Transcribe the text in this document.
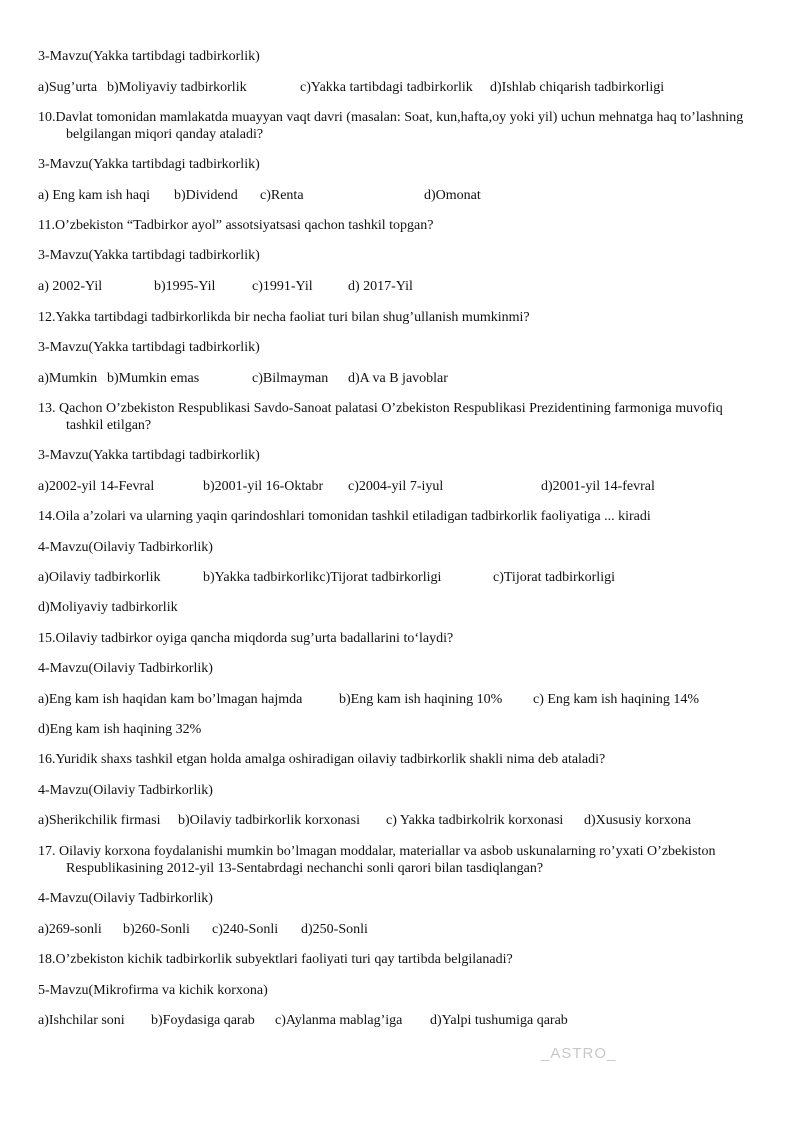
3-Mavzu(Yakka tartibdagi tadbirkorlik)
a)Sug’urta b)Moliyaviy tadbirkorlik	c)Yakka tartibdagi tadbirkorlik d)Ishlab chiqarish tadbirkorligi
10.Davlat tomonidan mamlakatda muayyan vaqt davri (masalan: Soat, kun,hafta,oy yoki yil) uchun mehnatga haq to’lashning
belgilangan miqori qanday ataladi?
3-Mavzu(Yakka tartibdagi tadbirkorlik)
a) Eng kam ish haqi b)Dividend c)Renta	d)Omonat
11.O’zbekiston “Tadbirkor ayol” assotsiyatsasi qachon tashkil topgan?
3-Mavzu(Yakka tartibdagi tadbirkorlik)
a) 2002-Yil	b)1995-Yil	c)1991-Yil	d) 2017-Yil
12.Yakka tartibdagi tadbirkorlikda bir necha faoliat turi bilan shug’ullanish mumkinmi?
3-Mavzu(Yakka tartibdagi tadbirkorlik)
a)Mumkin b)Mumkin emas	c)Bilmayman d)A va B javoblar
13. Qachon O’zbekiston Respublikasi Savdo-Sanoat palatasi O’zbekiston Respublikasi Prezidentining farmoniga muvofiq
tashkil etilgan?
3-Mavzu(Yakka tartibdagi tadbirkorlik)
a)2002-yil 14-Fevral	b)2001-yil 16-Oktabr c)2004-yil 7-iyul	d)2001-yil 14-fevral
14.Oila a’zolari va ularning yaqin qarindoshlari tomonidan tashkil etiladigan tadbirkorlik faoliyatiga ... kiradi
4-Mavzu(Oilaviy Tadbirkorlik)
a)Oilaviy tadbirkorlik	b)Yakka tadbirkorlikc)Tijorat tadbirkorligi	c)Tijorat tadbirkorligi
d)Moliyaviy tadbirkorlik
15.Oilaviy tadbirkor oyiga qancha miqdorda sug’urta badallarini to‘laydi?
4-Mavzu(Oilaviy Tadbirkorlik)
a)Eng kam ish haqidan kam bo’lmagan hajmda	b)Eng kam ish haqining 10% c) Eng kam ish haqining 14%
d)Eng kam ish haqining 32%
16.Yuridik shaxs tashkil etgan holda amalga oshiradigan oilaviy tadbirkorlik shakli nima deb ataladi?
4-Mavzu(Oilaviy Tadbirkorlik)
a)Sherikchilik firmasi b)Oilaviy tadbirkorlik korxonasi c) Yakka tadbirkolrik korxonasi d)Xususiy korxona
17. Oilaviy korxona foydalanishi mumkin bo’lmagan moddalar, materiallar va asbob uskunalarning ro’yxati O’zbekiston
Respublikasining 2012-yil 13-Sentabrdagi nechanchi sonli qarori bilan tasdiqlangan?
4-Mavzu(Oilaviy Tadbirkorlik)
a)269-sonli b)260-Sonli c)240-Sonli d)250-Sonli
18.O’zbekiston kichik tadbirkorlik subyektlari faoliyati turi qay tartibda belgilanadi?
5-Mavzu(Mikrofirma va kichik korxona)
a)Ishchilar soni b)Foydasiga qarab c)Aylanma mablag’iga d)Yalpi tushumiga qarab
_ASTRO_
